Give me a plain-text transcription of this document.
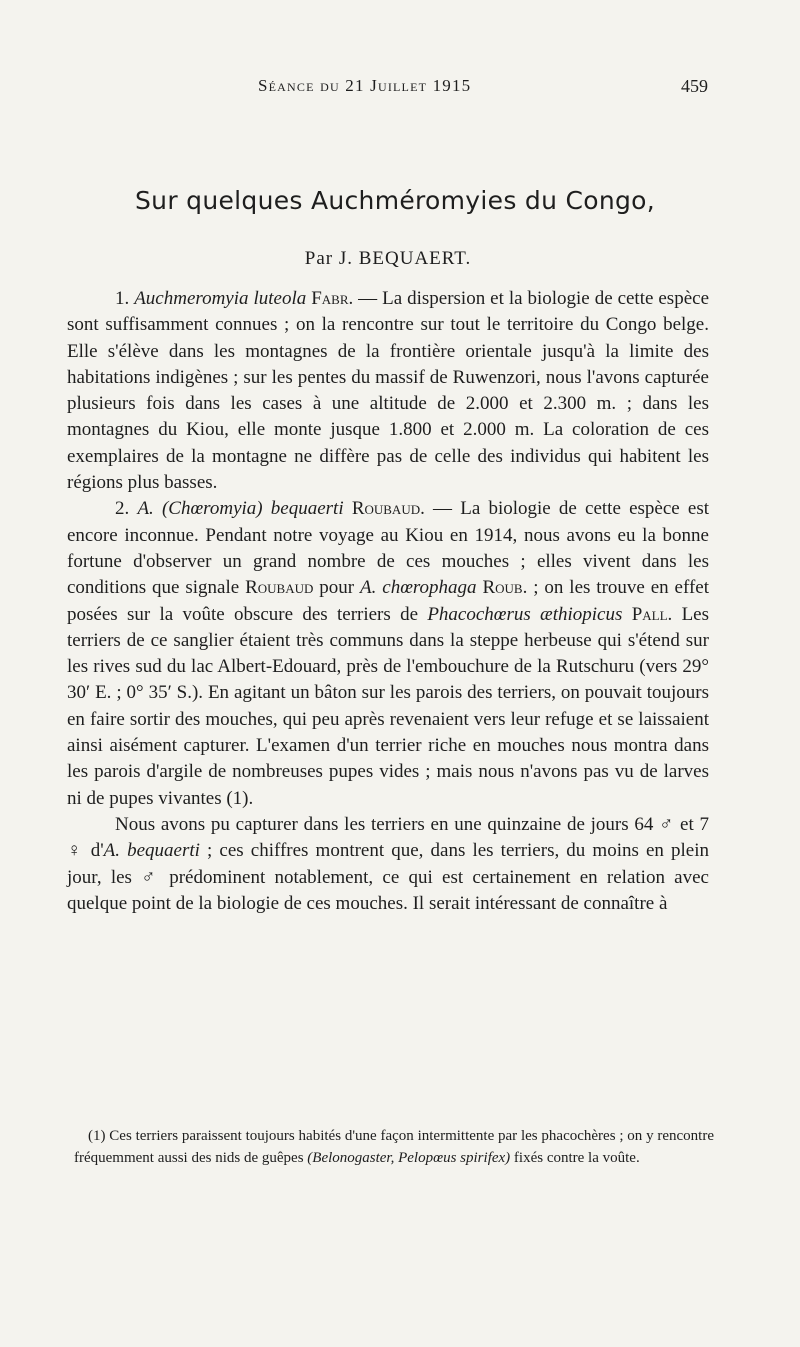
Séance du 21 Juillet 1915	459
Sur quelques Auchméromyies du Congo,
Par J. BEQUAERT.

1. Auchmeromyia luteola Fabr. — La dispersion et la biologie de cette espèce sont suffisamment connues ; on la rencontre sur tout le territoire du Congo belge. Elle s'élève dans les montagnes de la frontière orientale jusqu'à la limite des habitations indigènes ; sur les pentes du massif de Ruwenzori, nous l'avons capturée plusieurs fois dans les cases à une altitude de 2.000 et 2.300 m. ; dans les montagnes du Kiou, elle monte jusque 1.800 et 2.000 m. La coloration de ces exemplaires de la montagne ne diffère pas de celle des individus qui habitent les régions plus basses.

2. A. (Chœromyia) bequaerti Roubaud. — La biologie de cette espèce est encore inconnue. Pendant notre voyage au Kiou en 1914, nous avons eu la bonne fortune d'observer un grand nombre de ces mouches ; elles vivent dans les conditions que signale Roubaud pour A. chœrophaga Roub. ; on les trouve en effet posées sur la voûte obscure des terriers de Phacochœrus æthiopicus Pall. Les terriers de ce sanglier étaient très communs dans la steppe herbeuse qui s'étend sur les rives sud du lac Albert-Edouard, près de l'embouchure de la Rutschuru (vers 29° 30′ E. ; 0° 35′ S.). En agitant un bâton sur les parois des terriers, on pouvait toujours en faire sortir des mouches, qui peu après revenaient vers leur refuge et se laissaient ainsi aisément capturer. L'examen d'un terrier riche en mouches nous montra dans les parois d'argile de nombreuses pupes vides ; mais nous n'avons pas vu de larves ni de pupes vivantes (1).

Nous avons pu capturer dans les terriers en une quinzaine de jours 64 ♂ et 7 ♀ d'A. bequaerti ; ces chiffres montrent que, dans les terriers, du moins en plein jour, les ♂ prédominent notablement, ce qui est certainement en relation avec quelque point de la biologie de ces mouches. Il serait intéressant de connaître à

(1) Ces terriers paraissent toujours habités d'une façon intermittente par les phacochères ; on y rencontre fréquemment aussi des nids de guêpes (Belonogaster, Pelopœus spirifex) fixés contre la voûte.
